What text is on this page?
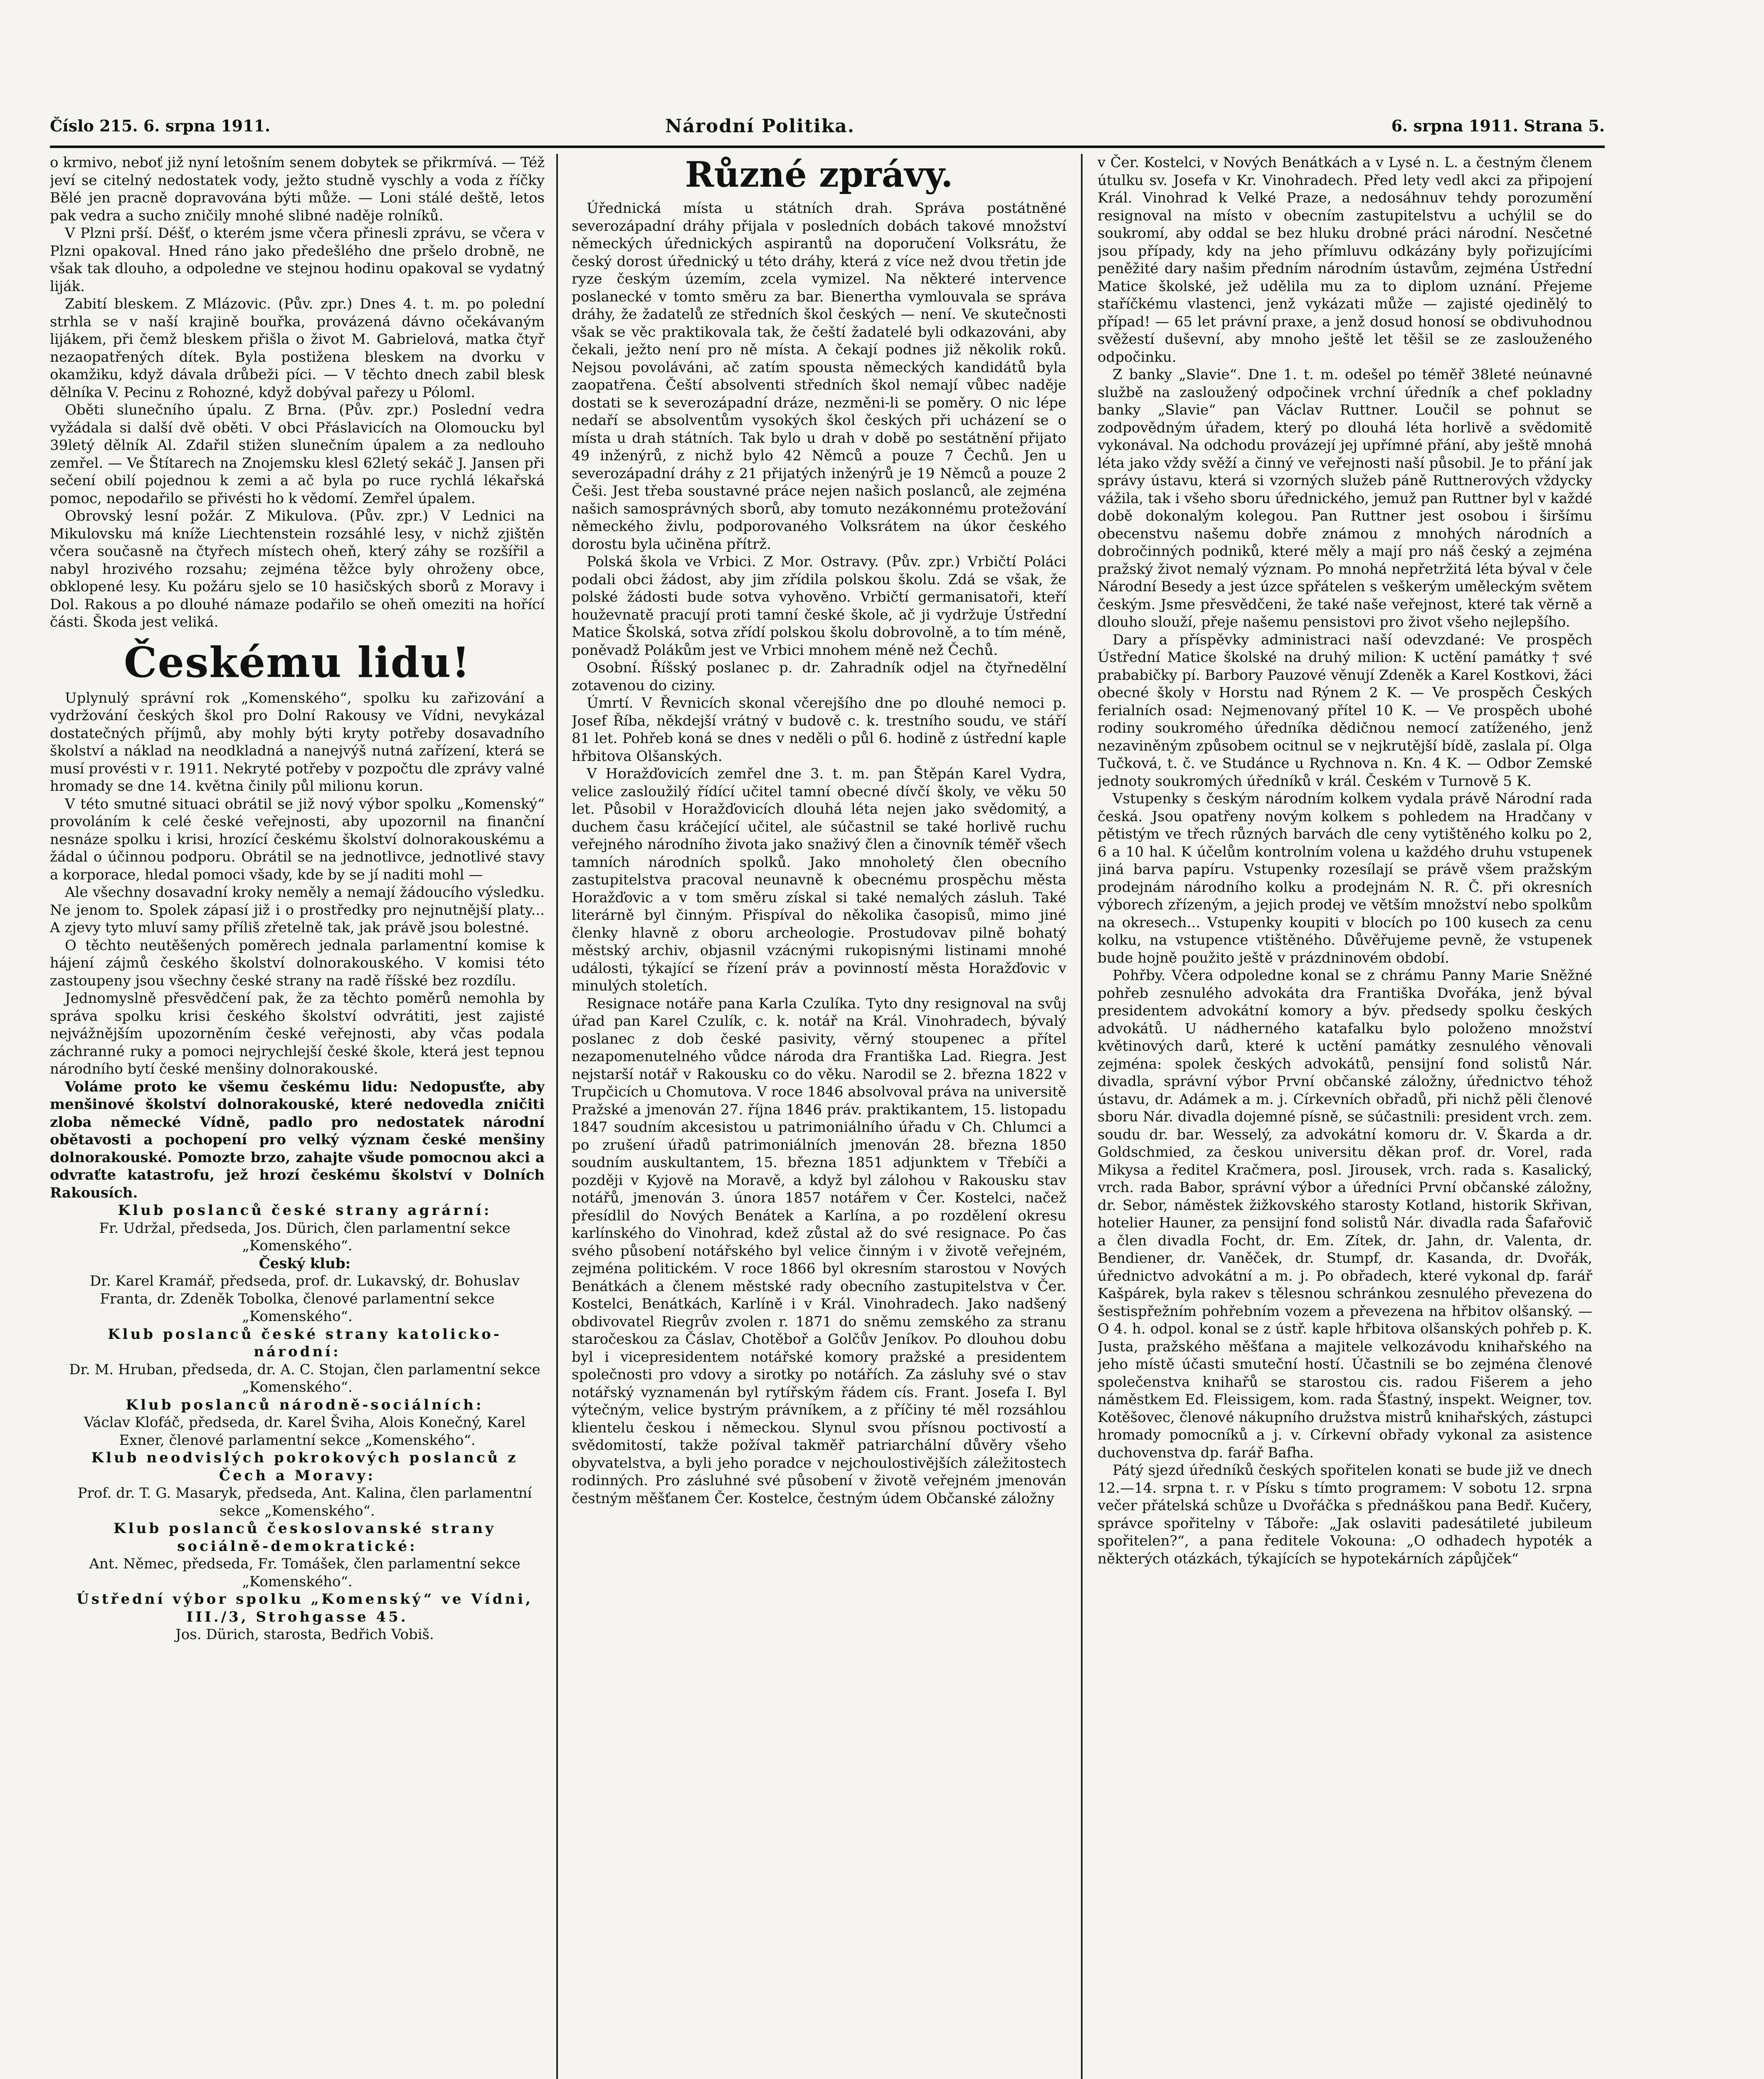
Číslo 215. 6. srpna 1911.	Národní Politika.	6. srpna 1911. Strana 5.

o krmivo, neboť již nyní letošním senem dobytek se přikrmívá. — Též jeví se citelný nedostatek vody, ježto studně vyschly a voda z říčky Bělé jen pracně dopravována býti může. — Loni stálé deště, letos pak vedra a sucho zničily mnohé slibné naděje rolníků.

V Plzni prší. Déšť, o kterém jsme včera přinesli zprávu, se včera v Plzni opakoval. Hned ráno jako předešlého dne pršelo drobně, ne však tak dlouho, a odpoledne ve stejnou hodinu opakoval se vydatný liják.

Zabití bleskem. Z Mlázovic. (Pův. zpr.) Dnes 4. t. m. po polední strhla se v naší krajině bouřka, provázená dávno očekávaným lijákem, při čemž bleskem přišla o život M. Gabrielová, matka čtyř nezaopatřených dítek. Byla postižena bleskem na dvorku v okamžiku, když dávala drůbeži píci. — V těchto dnech zabil blesk dělníka V. Pecinu z Rohozné, když dobýval pařezy u Póloml.

Oběti slunečního úpalu. Z Brna. (Pův. zpr.) Poslední vedra vyžádala si další dvě oběti. V obci Přáslavicích na Olomoucku byl 39letý dělník Al. Zdařil stižen slunečním úpalem a za nedlouho zemřel. — Ve Štítarech na Znojemsku klesl 62letý sekáč J. Jansen při sečení obilí pojednou k zemi a ač byla po ruce rychlá lékařská pomoc, nepodařilo se přivésti ho k vědomí. Zemřel úpalem.

Obrovský lesní požár. Z Mikulova. (Pův. zpr.) V Lednici na Mikulovsku má kníže Liechtenstein rozsáhlé lesy, v nichž zjištěn včera současně na čtyřech místech oheň, který záhy se rozšířil a nabyl hrozivého rozsahu; zejména těžce byly ohroženy obce, obklopené lesy. Ku požáru sjelo se 10 hasičských sborů z Moravy i Dol. Rakous a po dlouhé námaze podařilo se oheň omeziti na hořící části. Škoda jest veliká.

Českému lidu!

Uplynulý správní rok „Komenského“, spolku ku zařizování a vydržování českých škol pro Dolní Rakousy ve Vídni, nevykázal dostatečných příjmů, aby mohly býti kryty potřeby dosavadního školství a náklad na neodkladná a nanejvýš nutná zařízení, která se musí provésti v r. 1911. Nekryté potřeby v pozpočtu dle zprávy valné hromady se dne 14. května činily půl milionu korun.

V této smutné situaci obrátil se již nový výbor spolku „Komenský“ provoláním k celé české veřejnosti, aby upozornil na finanční nesnáze spolku i krisi, hrozící českému školství dolnorakouskému a žádal o účinnou podporu. Obrátil se na jednotlivce, jednotlivé stavy a korporace, hledal pomoci všady, kde by se jí naditi mohl —

Ale všechny dosavadní kroky neměly a nemají žádoucího výsledku. Ne jenom to. Spolek zápasí již i o prostředky pro nejnutnější platy... A zjevy tyto mluví samy příliš zřetelně tak, jak právě jsou bolestné.

O těchto neutěšených poměrech jednala parlamentní komise k hájení zájmů českého školství dolnorakouského. V komisi této zastoupeny jsou všechny české strany na radě říšské bez rozdílu.

Jednomyslně přesvědčení pak, že za těchto poměrů nemohla by správa spolku krisi českého školství odvrátiti, jest zajisté nejvážnějším upozorněním české veřejnosti, aby včas podala záchranné ruky a pomoci nejrychlejší české škole, která jest tepnou národního bytí české menšiny dolnorakouské.

Voláme proto ke všemu českému lidu: Nedopusťte, aby menšinové školství dolnorakouské, které nedovedla zničiti zloba německé Vídně, padlo pro nedostatek národní obětavosti a pochopení pro velký význam české menšiny dolnorakouské. Pomozte brzo, zahajte všude pomocnou akci a odvraťte katastrofu, jež hrozí českému školství v Dolních Rakousích.

Klub poslanců české strany agrární:

Fr. Udržal, předseda, Jos. Dürich, člen parlamentní sekce „Komenského“.

Český klub:

Dr. Karel Kramář, předseda, prof. dr. Lukavský, dr. Bohuslav Franta, dr. Zdeněk Tobolka, členové parlamentní sekce „Komenského“.

Klub poslanců české strany katolicko-národní:

Dr. M. Hruban, předseda, dr. A. C. Stojan, člen parlamentní sekce „Komenského“.

Klub poslanců národně-sociálních:

Václav Klofáč, předseda, dr. Karel Šviha, Alois Konečný, Karel Exner, členové parlamentní sekce „Komenského“.

Klub neodvislých pokrokových poslanců z Čech a Moravy:

Prof. dr. T. G. Masaryk, předseda, Ant. Kalina, člen parlamentní sekce „Komenského“.

Klub poslanců českoslovanské strany sociálně-demokratické:

Ant. Němec, předseda, Fr. Tomášek, člen parlamentní sekce „Komenského“.

Ústřední výbor spolku „Komenský“ ve Vídni, III./3, Strohgasse 45.

Jos. Dürich, starosta, Bedřich Vobiš.

Různé zprávy.

Úřednická místa u státních drah. Správa postátněné severozápadní dráhy přijala v posledních dobách takové množství německých úřednických aspirantů na doporučení Volksrátu, že český dorost úřednický u této dráhy, která z více než dvou třetin jde ryze českým územím, zcela vymizel. Na některé intervence poslanecké v tomto směru za bar. Bienertha vymlouvala se správa dráhy, že žadatelů ze středních škol českých — není. Ve skutečnosti však se věc praktikovala tak, že čeští žadatelé byli odkazováni, aby čekali, ježto není pro ně místa. A čekají podnes již několik roků. Nejsou povoláváni, ač zatím spousta německých kandidátů byla zaopatřena. Čeští absolventi středních škol nemají vůbec naděje dostati se k severozápadní dráze, nezměni-li se poměry. O nic lépe nedaří se absolventům vysokých škol českých při ucházení se o místa u drah státních. Tak bylo u drah v době po sestátnění přijato 49 inženýrů, z nichž bylo 42 Němců a pouze 7 Čechů. Jen u severozápadní dráhy z 21 přijatých inženýrů je 19 Němců a pouze 2 Češi. Jest třeba soustavné práce nejen našich poslanců, ale zejména našich samosprávných sborů, aby tomuto nezákonnému protežování německého živlu, podporovaného Volksrátem na úkor českého dorostu byla učiněna přítrž.

Polská škola ve Vrbici. Z Mor. Ostravy. (Pův. zpr.) Vrbičtí Poláci podali obci žádost, aby jim zřídila polskou školu. Zdá se však, že polské žádosti bude sotva vyhověno. Vrbičtí germanisatoři, kteří houževnatě pracují proti tamní české škole, ač ji vydržuje Ústřední Matice Školská, sotva zřídí polskou školu dobrovolně, a to tím méně, poněvadž Polákům jest ve Vrbici mnohem méně než Čechů.

Osobní. Říšský poslanec p. dr. Zahradník odjel na čtyřnedělní zotavenou do ciziny.

Úmrtí. V Řevnicích skonal včerejšího dne po dlouhé nemoci p. Josef Říba, někdejší vrátný v budově c. k. trestního soudu, ve stáří 81 let. Pohřeb koná se dnes v neděli o půl 6. hodině z ústřední kaple hřbitova Olšanských.

V Horažďovicích zemřel dne 3. t. m. pan Štěpán Karel Vydra, velice zasloužilý řídící učitel tamní obecné dívčí školy, ve věku 50 let. Působil v Horažďovicích dlouhá léta nejen jako svědomitý, a duchem času kráčející učitel, ale súčastnil se také horlivě ruchu veřejného národního života jako snaživý člen a činovník téměř všech tamních národních spolků. Jako mnoholetý člen obecního zastupitelstva pracoval neunavně k obecnému prospěchu města Horažďovic a v tom směru získal si také nemalých zásluh. Také literárně byl činným. Přispíval do několika časopisů, mimo jiné členky hlavně z oboru archeologie. Prostudovav pilně bohatý městský archiv, objasnil vzácnými rukopisnými listinami mnohé události, týkající se řízení práv a povinností města Horažďovic v minulých stoletích.

Resignace notáře pana Karla Czulíka. Tyto dny resignoval na svůj úřad pan Karel Czulík, c. k. notář na Král. Vinohradech, bývalý poslanec z dob české pasivity, věrný stoupenec a přítel nezapomenutelného vůdce národa dra Františka Lad. Riegra. Jest nejstarší notář v Rakousku co do věku. Narodil se 2. března 1822 v Trupčicích u Chomutova. V roce 1846 absolvoval práva na universitě Pražské a jmenován 27. října 1846 práv. praktikantem, 15. listopadu 1847 soudním akcesistou u patrimoniálního úřadu v Ch. Chlumci a po zrušení úřadů patrimoniálních jmenován 28. března 1850 soudním auskultantem, 15. března 1851 adjunktem v Třebíči a později v Kyjově na Moravě, a když byl zálohou v Rakousku stav notářů, jmenován 3. února 1857 notářem v Čer. Kostelci, načež přesídlil do Nových Benátek a Karlína, a po rozdělení okresu karlínského do Vinohrad, kdež zůstal až do své resignace. Po čas svého působení notářského byl velice činným i v životě veřejném, zejména politickém. V roce 1866 byl okresním starostou v Nových Benátkách a členem městské rady obecního zastupitelstva v Čer. Kostelci, Benátkách, Karlíně i v Král. Vinohradech. Jako nadšený obdivovatel Riegrův zvolen r. 1871 do sněmu zemského za stranu staročeskou za Čáslav, Chotěboř a Golčův Jeníkov. Po dlouhou dobu byl i vicepresidentem notářské komory pražské a presidentem společnosti pro vdovy a sirotky po notářích. Za zásluhy své o stav notářský vyznamenán byl rytířským řádem cís. Frant. Josefa I. Byl výtečným, velice bystrým právníkem, a z příčiny té měl rozsáhlou klientelu českou i německou. Slynul svou přísnou poctivostí a svědomitostí, takže požíval takměř patriarchální důvěry všeho obyvatelstva, a byli jeho poradce v nejchoulostivějších záležitostech rodinných. Pro zásluhné své působení v životě veřejném jmenován čestným měšťanem Čer. Kostelce, čestným údem Občanské záložny

v Čer. Kostelci, v Nových Benátkách a v Lysé n. L. a čestným členem útulku sv. Josefa v Kr. Vinohradech. Před lety vedl akci za připojení Král. Vinohrad k Velké Praze, a nedosáhnuv tehdy porozumění resignoval na místo v obecním zastupitelstvu a uchýlil se do soukromí, aby oddal se bez hluku drobné práci národní. Nesčetné jsou případy, kdy na jeho přímluvu odkázány byly pořizujícími peněžité dary našim předním národním ústavům, zejména Ústřední Matice školské, jež udělila mu za to diplom uznání. Přejeme staříčkému vlastenci, jenž vykázati může — zajisté ojedinělý to případ! — 65 let právní praxe, a jenž dosud honosí se obdivuhodnou svěžestí duševní, aby mnoho ještě let těšil se ze zaslouženého odpočinku.

Z banky „Slavie“. Dne 1. t. m. odešel po téměř 38leté neúnavné službě na zasloužený odpočinek vrchní úředník a chef pokladny banky „Slavie“ pan Václav Ruttner. Loučil se pohnut se zodpovědným úřadem, který po dlouhá léta horlivě a svědomitě vykonával. Na odchodu provázejí jej upřímné přání, aby ještě mnohá léta jako vždy svěží a činný ve veřejnosti naší působil. Je to přání jak správy ústavu, která si vzorných služeb páně Ruttnerových vždycky vážila, tak i všeho sboru úřednického, jemuž pan Ruttner byl v každé době dokonalým kolegou. Pan Ruttner jest osobou i širšímu obecenstvu našemu dobře známou z mnohých národních a dobročinných podniků, které měly a mají pro náš český a zejména pražský život nemalý význam. Po mnohá nepřetržitá léta býval v čele Národní Besedy a jest úzce spřátelen s veškerým uměleckým světem českým. Jsme přesvědčeni, že také naše veřejnost, které tak věrně a dlouho slouží, přeje našemu pensistovi pro život všeho nejlepšího.

Dary a příspěvky administraci naší odevzdané: Ve prospěch Ústřední Matice školské na druhý milion: K uctění památky † své prababičky pí. Barbory Pauzové věnují Zdeněk a Karel Kostkovi, žáci obecné školy v Horstu nad Rýnem 2 K. — Ve prospěch Českých ferialních osad: Nejmenovaný přítel 10 K. — Ve prospěch ubohé rodiny soukromého úředníka dědičnou nemocí zatíženého, jenž nezaviněným způsobem ocitnul se v nejkrutější bídě, zaslala pí. Olga Tučková, t. č. ve Studánce u Rychnova n. Kn. 4 K. — Odbor Zemské jednoty soukromých úředníků v král. Českém v Turnově 5 K.

Vstupenky s českým národním kolkem vydala právě Národní rada česká. Jsou opatřeny novým kolkem s pohledem na Hradčany v pětistým ve třech různých barvách dle ceny vytištěného kolku po 2, 6 a 10 hal. K účelům kontrolním volena u každého druhu vstupenek jiná barva papíru. Vstupenky rozesílají se právě všem pražským prodejnám národního kolku a prodejnám N. R. Č. při okresních výborech zřízeným, a jejich prodej ve větším množství nebo spolkům na okresech... Vstupenky koupiti v blocích po 100 kusech za cenu kolku, na vstupence vtištěného. Důvěřujeme pevně, že vstupenek bude hojně použito ještě v prázdninovém období.

Pohřby. Včera odpoledne konal se z chrámu Panny Marie Sněžné pohřeb zesnulého advokáta dra Františka Dvořáka, jenž býval presidentem advokátní komory a býv. předsedy spolku českých advokátů. U nádherného katafalku bylo položeno množství květinových darů, které k uctění památky zesnulého věnovali zejména: spolek českých advokátů, pensijní fond solistů Nár. divadla, správní výbor První občanské záložny, úřednictvo téhož ústavu, dr. Adámek a m. j. Církevních obřadů, při nichž pěli členové sboru Nár. divadla dojemné písně, se súčastnili: president vrch. zem. soudu dr. bar. Wesselý, za advokátní komoru dr. V. Škarda a dr. Goldschmied, za českou universitu děkan prof. dr. Vorel, rada Mikysa a ředitel Kračmera, posl. Jirousek, vrch. rada s. Kasalický, vrch. rada Babor, správní výbor a úředníci První občanské záložny, dr. Sebor, náměstek žižkovského starosty Kotland, historik Skřivan, hotelier Hauner, za pensijní fond solistů Nár. divadla rada Šafařovič a člen divadla Focht, dr. Em. Zítek, dr. Jahn, dr. Valenta, dr. Bendiener, dr. Vaněček, dr. Stumpf, dr. Kasanda, dr. Dvořák, úřednictvo advokátní a m. j. Po obřadech, které vykonal dp. farář Kašpárek, byla rakev s tělesnou schránkou zesnulého převezena do šestispřežním pohřebním vozem a převezena na hřbitov olšanský. — O 4. h. odpol. konal se z ústř. kaple hřbitova olšanských pohřeb p. K. Justa, pražského měšťana a majitele velkozávodu knihařského na jeho místě účasti smuteční hostí. Účastnili se bo zejména členové společenstva knihařů se starostou cis. radou Fišerem a jeho náměstkem Ed. Fleissigem, kom. rada Šťastný, inspekt. Weigner, tov. Kotěšovec, členové nákupního družstva mistrů knihařských, zástupci hromady pomocníků a j. v. Církevní obřady vykonal za asistence duchovenstva dp. farář Bafha.

Pátý sjezd úředníků českých spořitelen konati se bude již ve dnech 12.—14. srpna t. r. v Písku s tímto programem: V sobotu 12. srpna večer přátelská schůze u Dvořáčka s přednáškou pana Bedř. Kučery, správce spořitelny v Táboře: „Jak oslaviti padesátileté jubileum spořitelen?“, a pana ředitele Vokouna: „O odhadech hypoték a některých otázkách, týkajících se hypotekárních zápůjček“
